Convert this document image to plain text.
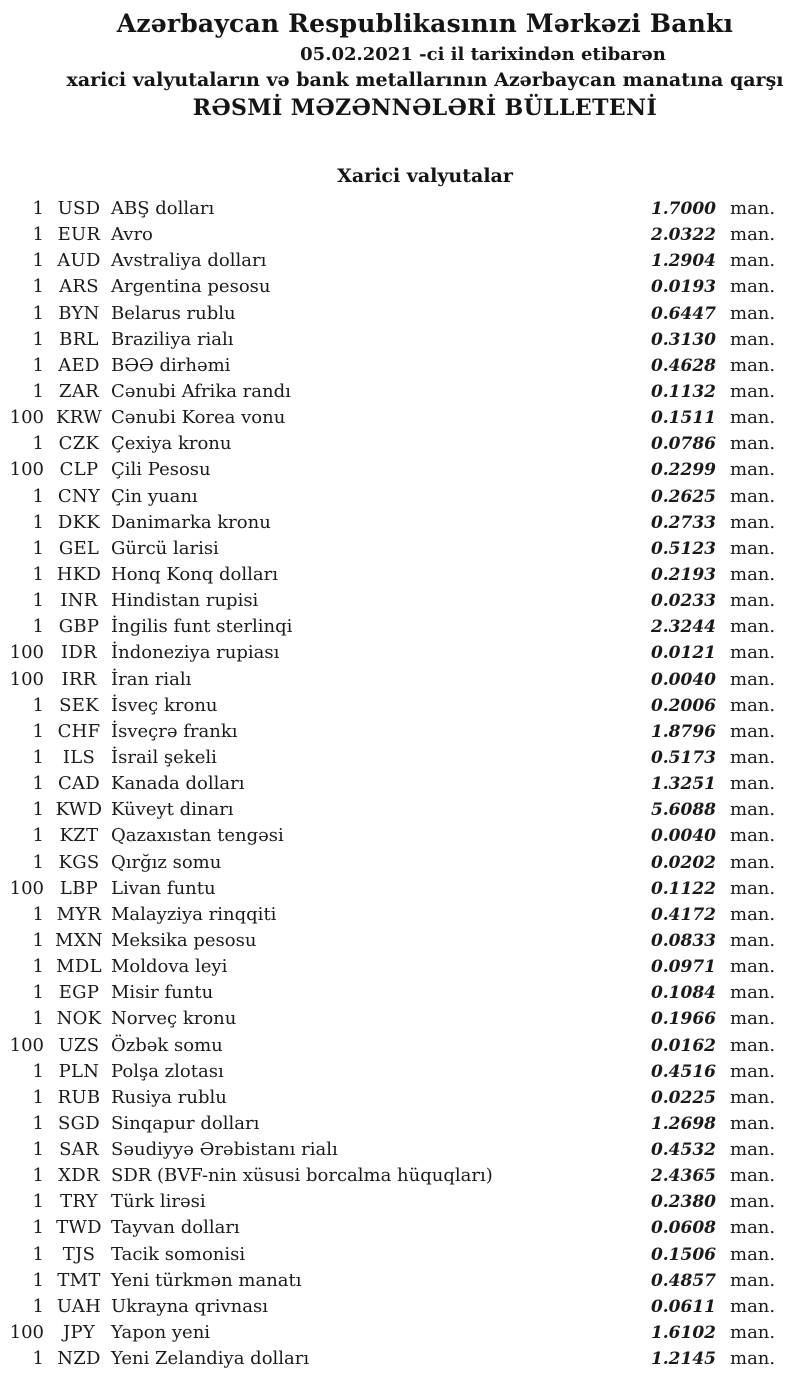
Azərbaycan Respublikasının Mərkəzi Bankı
05.02.2021 -ci il tarixindən etibarən
xarici valyutaların və bank metallarının Azərbaycan manatına qarşı
RƏSMİ MƏZƏNNƏLƏRİ BÜLLETENİ
Xarici valyutalar
1 USD ABŞ dolları	1.7000 man.
1 EUR Avro	2.0322 man.
1 AUD Avstraliya dolları	1.2904 man.
1 ARS Argentina pesosu	0.0193 man.
1 BYN Belarus rublu	0.6447 man.
1 BRL Braziliya rialı	0.3130 man.
1 AED BƏƏ dirhəmi	0.4628 man.
1 ZAR Cənubi Afrika randı	0.1132 man.
100 KRW Cənubi Korea vonu	0.1511 man.
1 CZK Çexiya kronu	0.0786 man.
100 CLP Çili Pesosu	0.2299 man.
1 CNY Çin yuanı	0.2625 man.
1 DKK Danimarka kronu	0.2733 man.
1 GEL Gürcü larisi	0.5123 man.
1 HKD Honq Konq dolları	0.2193 man.
1 INR Hindistan rupisi	0.0233 man.
1 GBP İngilis funt sterlinqi	2.3244 man.
100 IDR İndoneziya rupiası	0.0121 man.
100 IRR İran rialı	0.0040 man.
1 SEK İsveç kronu	0.2006 man.
1 CHF İsveçrə frankı	1.8796 man.
1	ILS İsrail şekeli	0.5173 man.
1 CAD Kanada dolları	1.3251 man.
1 KWD Küveyt dinarı	5.6088 man.
1 KZT Qazaxıstan tengəsi	0.0040 man.
1 KGS Qırğız somu	0.0202 man.
100 LBP Livan funtu	0.1122 man.
1 MYR Malayziya rinqqiti	0.4172 man.
1 MXN Meksika pesosu	0.0833 man.
1 MDL Moldova leyi	0.0971 man.
1 EGP Misir funtu	0.1084 man.
1 NOK Norveç kronu	0.1966 man.
100 UZS Özbək somu	0.0162 man.
1 PLN Polşa zlotası	0.4516 man.
1 RUB Rusiya rublu	0.0225 man.
1 SGD Sinqapur dolları	1.2698 man.
1 SAR Səudiyyə Ərəbistanı rialı	0.4532 man.
1 XDR SDR (BVF-nin xüsusi borcalma hüquqları)	2.4365 man.
1 TRY Türk lirəsi	0.2380 man.
1 TWD Tayvan dolları	0.0608 man.
1	TJS Tacik somonisi	0.1506 man.
1 TMT Yeni türkmən manatı	0.4857 man.
1 UAH Ukrayna qrivnası	0.0611 man.
100	JPY Yapon yeni	1.6102 man.
1 NZD Yeni Zelandiya dolları	1.2145 man.
